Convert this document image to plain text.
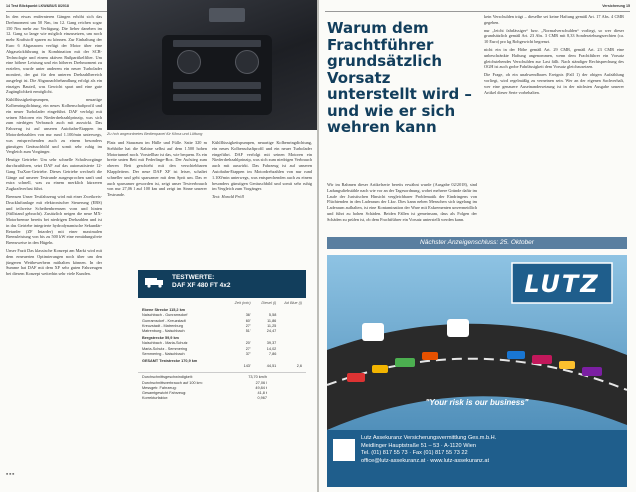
14 Test Blickpunkt LKW&BUS 8/2018	Versicherung 15

In den etwas entfernteren Gängen erhöht sich das Drehmoment um 50 Nm, im 12. Gang reichen sogar 150 Nm mehr zur Verfügung. Die lieber daneben im 12. Gang so lange wie möglich einzusetzen, um noch mehr Kraftstoff sparen zu können. Zur Einhaltung der Euro 6 Abgasnorm verfügt der Motor über eine Abgasrückführung in Kombination mit der SCR-Technologie und einem aktiven Rußpartikelfilter. Um eine höhere Leistung und ein höheres Drehmoment zu erzielen, wurde unter anderem ein neuer Turbolader montiert, der gut für den unteren Drehzahlbereich ausgelegt ist. Die Abgasnachbehandlung erfolgt als ein einziges Bauteil, was Gewicht spart und eine gute Zugänglichkeit ermöglicht.

Kühlflüssigkeitspumpen, neuartige Kolbenringdichtung, ein neues Kolbenschaftprofil und ein neuer Turbolader eingeführt. DAF verfolgt mit seinen Motoren ein Niederdrehzahlprinzip, was sich zum niedrigen Verbrauch auch mit auswirkt. Das Fahrzeug ist auf unseren Autobahn-Etappen im Motordrehzahlen von nur rund 1.100/min unterwegs, was entsprechenden auch zu einem besonders günstigen Geräuschbild und somit sehr ruhig im Vergleich zum Vorgänger.

Heutige Getriebe: Um sehr schnelle Schaltvorgänge durchzuführen, setzt DAF auf das automatisierte 12-Gang TraXon-Getriebe. Dieses Getriebe wechselt die Gänge auf unserer Testrunde ausgesprochen sanft und extra schnell, was zu einem merklich kürzeren Zugkraftverlust führt.

Bremsen Unser Testfahrzeug wird mit einer Zweikreis-Druckluftanlage mit elektronischer Steuerung (EBS) und teilweise Scheibenbremsen vorn und hinten (Stillstand gebracht). Zusätzlich neigen die neue MX-Motorbremse bereits bei niedrigen Drehzahlen und ist in das Getriebe integrierte hydrodynamische Sekundär-Retarder (ZF Intarder) mit einer maximalen Bremsleistung von bis zu 500 kW eine ermüdungsfreie Bremsweise in den Hügeln.

Unser Fazit Das klassische Konzept am Markt wird mit dem erneuerten Optimierungen noch über um den jüngeren Wettbewerbern mithalten können. In der Summe hat DAF mit dem XF sehr guten Fahrzeugen bei diesem Konzept weiterhin sehr viele Kunden.

Zu hoh angeordnetes Bedienpanel für Klima und Lüftung

Platz und Stauraum im Hülle und Fülle. Satte 320 m Stehhöhe hat die Kabine selbst auf dem 1.500 hohen Motortunnel noch. Vorstellbar ist das, wie bequem. Es ein breite unten Bett mit Federlinge-Box. Der Aufstieg zum oberen Bett geschieht mit den verschiebbaren Klappleitern. Der neue DAF XF ist leiser, schaltet schneller und geht sparsamer mit dem Sprit um. Das er auch sparsamer geworden ist, zeigt unser Testverbrauch von nur 27,06 l auf 100 km und zeigt im Sinne unserer Testrunde.

Kühlflüssigkeitspumpen, neuartige Kolbenringdichtung, ein neues Kolbenschaftprofil und ein neuer Turbolader eingeführt. DAF verfolgt mit seinen Motoren ein Niederdrehzahlprinzip, was sich zum niedrigen Verbrauch auch mit auswirkt. Das Fahrzeug ist auf unseren Autobahn-Etappen im Motordrehzahlen von nur rund 1.100/min unterwegs, was entsprechenden auch zu einem besonders günstigen Geräuschbild und somit sehr ruhig im Vergleich zum Vorgänger.

Text: Harald Pröll

TESTWERTE:
DAF XF 480 FT 4x2
Zeit (min)	Diesel (l)	Ad Blue (l)
Ebene Strecke 115,2 km
Naischbach - Gunramsdorf	36'	5,58
Gunramsdorf - Kreuzstadt	60'	11,86
Kreuzstadt - Matrenburg	27'	11,25
Matrenburg - Naischbach	51'	24,47
Bergstrecke 59,9 km
Naischbach - Maria-Schutz	20'	39,37
Maria-Schutz - Semmering	27'	14,02
Semmering - Naischbach	37'	7,86
GESAMT Teststrecke 170,9 km
143'	44,51	2,6
Durchschnittsgeschwindigkeit:	73,70 km/h
Durchschnittsverbrauch auf 100 km:	27,06 l
Messgetr. Fahrzeug:	49,84 t
Gesamtgewicht Fahrzeug:	41,8 t
Korrekturfaktor:	0,967
■ ■ ■
Warum dem Frachtführer grundsätzlich Vorsatz unterstellt wird – und wie er sich wehren kann

kein Verschulden trägt – dieselbe sei keine Haftung gemäß Art. 17 Abs. 4 CMR gegeben.

nur „leicht fahrlässiger“ bzw. „Normalverschulden“ vorliegt, so wer dieser grundsätzlich gemäß Art. 23 Abs. 3 CMR mit 8,33 Sonderziehungsrechten (ca. 10 Euro) pro kg Rohgewicht begrenzt.

nicht ein in der Höhe gemäß Art. 29 CMR, gemäß Art. 23 CMR eine unbeschränkte Haftung angenommen, wenn dem Frachtführer ein Vorsatz gleichstehendes Verschulden zur Last fällt. Nach ständiger Rechtsprechung des OGH ist auch grobe Fahrlässigkeit dem Vorsatz gleichzusetzen.

Die Frage, ob ein unabwendbares Ereignis (Fall 1) der obigen Aufzählung vorliegt, wird regelmäßig zu verneinen sein. Wer an der eigenen Sachverhalt, wer eine genauere Auseinandersetzung ist in der nächsten Ausgabe unserer Artikel dieser Serie vorbehalten.

Wir im Rahmen dieser Artikelserie bereits erwähnt wurde (Ausgabe 02/2018), sind Ladungsdiebstähle nach wie vor an der Tagesordnung, wobei mehrere Gründe dafür im Laufe der Juristischen Hinsicht vergleichbarer Problematik der Eindringens von Flüchtenden in den Laderaum der Lkw. Dies kann neben Menschen sich tagelang im Laderaum aufhalten, ist eine Kontamination der Ware mit Exkrementen unvermeidlich und führt zu hohen Schäden. Beiden Fällen ist gemeinsam, dass als Folgen der Schäden zu prüfen ist, ob dem Frachtführer ein Vorsatz unterstellt werden kann.
Nächster Anzeigenschluss: 25. Oktober
LUTZ
"Your risk is our business"
Lutz Assekuranz Versicherungsvermittlung Ges.m.b.H.
Meidlinger Hauptstraße 51 – 53 · A-1120 Wien
Tel. (01) 817 55 73 · Fax (01) 817 55 73 22
office@lutz-assekuranz.at · www.lutz-assekuranz.at
